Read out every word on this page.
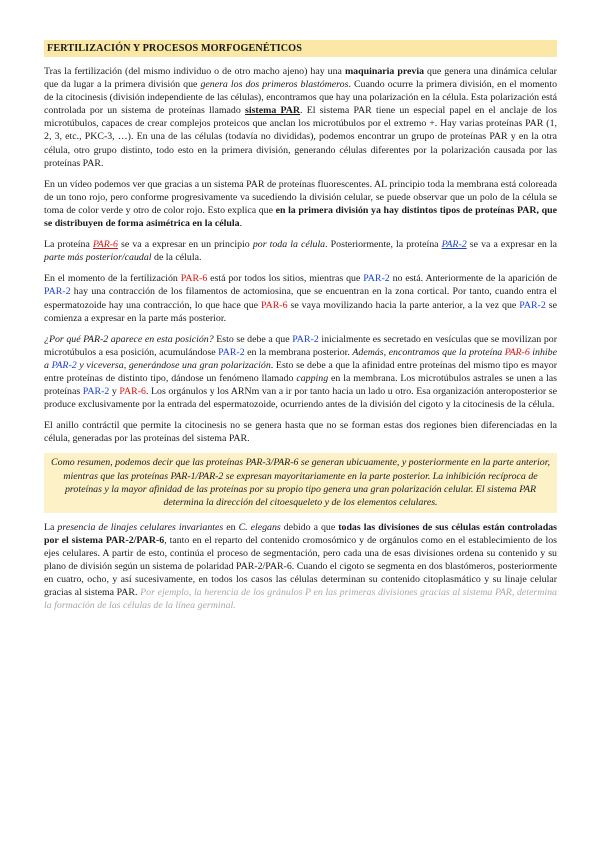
FERTILIZACIÓN Y PROCESOS MORFOGENÉTICOS

Tras la fertilización (del mismo individuo o de otro macho ajeno) hay una maquinaria previa que genera una dinámica celular que da lugar a la primera división que genera los dos primeros blastómeros. Cuando ocurre la primera división, en el momento de la citocinesis (división independiente de las células), encontramos que hay una polarización en la célula. Esta polarización está controlada por un sistema de proteínas llamado sistema PAR. El sistema PAR tiene un especial papel en el anclaje de los microtúbulos, capaces de crear complejos proteicos que anclan los microtúbulos por el extremo +. Hay varias proteínas PAR (1, 2, 3, etc., PKC-3, …). En una de las células (todavía no divididas), podemos encontrar un grupo de proteínas PAR y en la otra célula, otro grupo distinto, todo esto en la primera división, generando células diferentes por la polarización causada por las proteínas PAR.

En un vídeo podemos ver que gracias a un sistema PAR de proteínas fluorescentes. AL principio toda la membrana está coloreada de un tono rojo, pero conforme progresivamente va sucediendo la división celular, se puede observar que un polo de la célula se toma de color verde y otro de color rojo. Esto explica que en la primera división ya hay distintos tipos de proteínas PAR, que se distribuyen de forma asimétrica en la célula.

La proteína PAR-6 se va a expresar en un principio por toda la célula. Posteriormente, la proteína PAR-2 se va a expresar en la parte más posterior/caudal de la célula.

En el momento de la fertilización PAR-6 está por todos los sitios, mientras que PAR-2 no está. Anteriormente de la aparición de PAR-2 hay una contracción de los filamentos de actomiosina, que se encuentran en la zona cortical. Por tanto, cuando entra el espermatozoide hay una contracción, lo que hace que PAR-6 se vaya movilizando hacia la parte anterior, a la vez que PAR-2 se comienza a expresar en la parte más posterior.

¿Por qué PAR-2 aparece en esta posición? Esto se debe a que PAR-2 inicialmente es secretado en vesículas que se movilizan por microtúbulos a esa posición, acumulándose PAR-2 en la membrana posterior. Además, encontramos que la proteína PAR-6 inhibe a PAR-2 y viceversa, generándose una gran polarización. Esto se debe a que la afinidad entre proteínas del mismo tipo es mayor entre proteínas de distinto tipo, dándose un fenómeno llamado capping en la membrana. Los microtúbulos astrales se unen a las proteínas PAR-2 y PAR-6. Los orgánulos y los ARNm van a ir por tanto hacia un lado u otro. Esa organización anteroposterior se produce exclusivamente por la entrada del espermatozoide, ocurriendo antes de la división del cigoto y la citocinesis de la célula.

El anillo contráctil que permite la citocinesis no se genera hasta que no se forman estas dos regiones bien diferenciadas en la célula, generadas por las proteínas del sistema PAR.

Como resumen, podemos decir que las proteínas PAR-3/PAR-6 se generan ubicuamente, y posteriormente en la parte anterior, mientras que las proteínas PAR-1/PAR-2 se expresan mayoritariamente en la parte posterior. La inhibición recíproca de proteínas y la mayor afinidad de las proteínas por su propio tipo genera una gran polarización celular. El sistema PAR determina la dirección del citoesqueleto y de los elementos celulares.

La presencia de linajes celulares invariantes en C. elegans debido a que todas las divisiones de sus células están controladas por el sistema PAR-2/PAR-6, tanto en el reparto del contenido cromosómico y de orgánulos como en el establecimiento de los ejes celulares. A partir de esto, continúa el proceso de segmentación, pero cada una de esas divisiones ordena su contenido y su plano de división según un sistema de polaridad PAR-2/PAR-6. Cuando el cigoto se segmenta en dos blastómeros, posteriormente en cuatro, ocho, y así sucesivamente, en todos los casos las células determinan su contenido citoplasmático y su linaje celular gracias al sistema PAR. Por ejemplo, la herencia de los gránulos P en las primeras divisiones gracias al sistema PAR, determina la formación de las células de la línea germinal.
